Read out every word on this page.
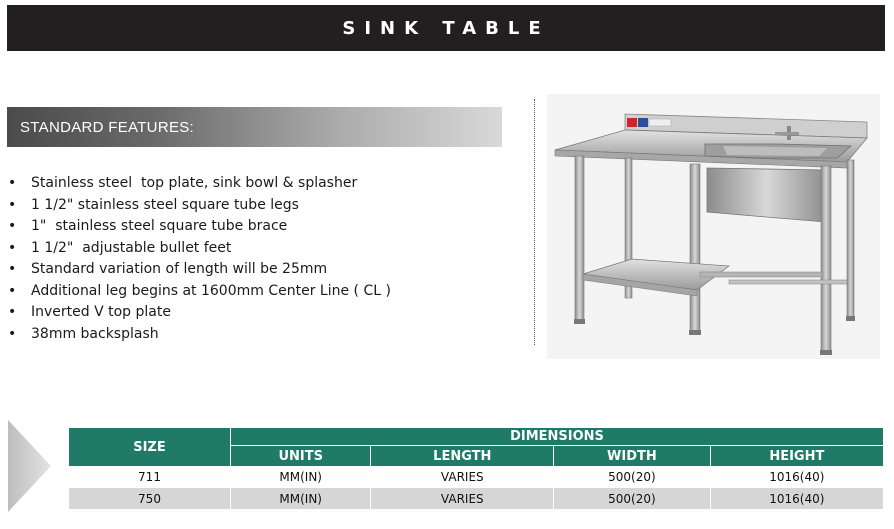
SINK TABLE
STANDARD FEATURES:
• Stainless steel  top plate, sink bowl & splasher
• 1 1/2" stainless steel square tube legs
• 1"  stainless steel square tube brace
• 1 1/2"  adjustable bullet feet
• Standard variation of length will be 25mm
• Additional leg begins at 1600mm Center Line ( CL )
• Inverted V top plate
• 38mm backsplash
SIZE	DIMENSIONS			
	UNITS	LENGTH	WIDTH	HEIGHT
711	MM(IN)	VARIES	500(20)	1016(40)
750	MM(IN)	VARIES	500(20)	1016(40)
